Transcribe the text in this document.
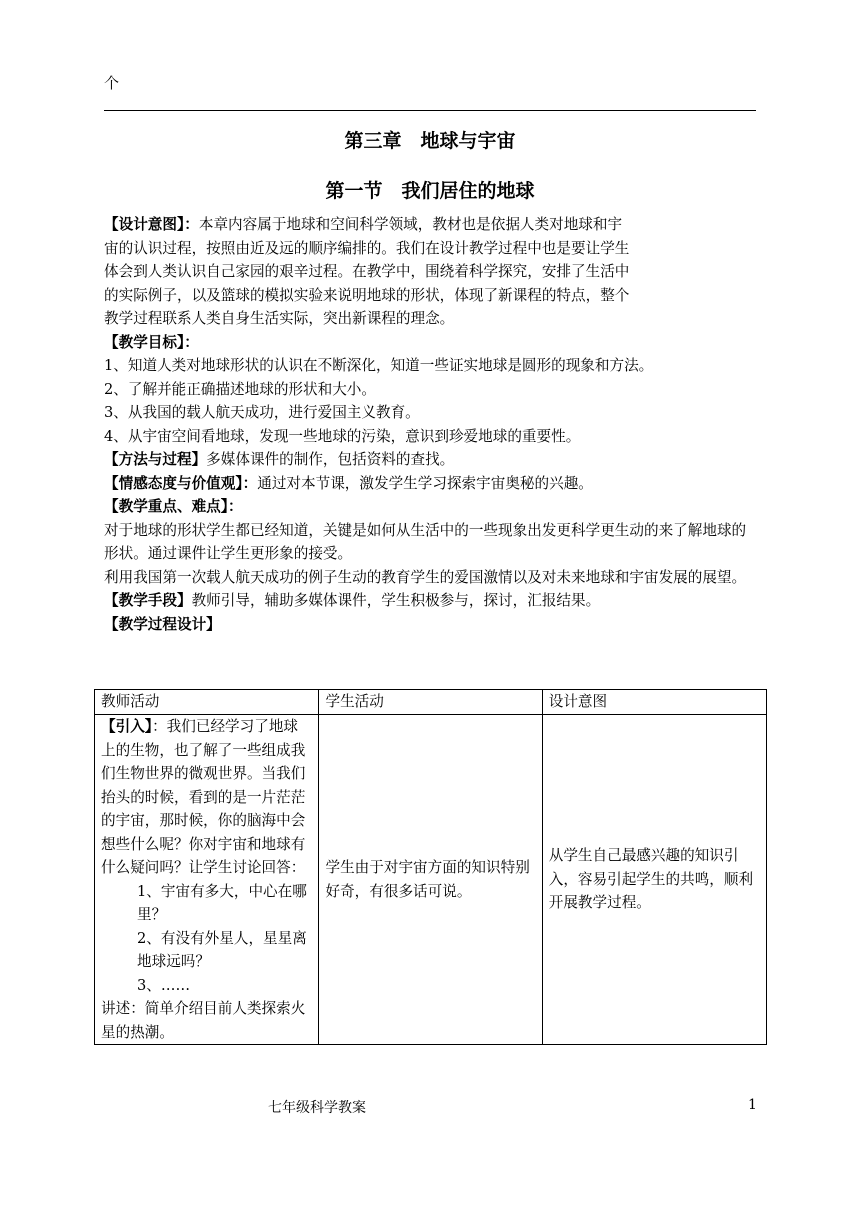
个
第三章　地球与宇宙
第一节　我们居住的地球
【设计意图】：本章内容属于地球和空间科学领域，教材也是依据人类对地球和宇
宙的认识过程，按照由近及远的顺序编排的。我们在设计教学过程中也是要让学生
体会到人类认识自己家园的艰辛过程。在教学中，围绕着科学探究，安排了生活中
的实际例子，以及篮球的模拟实验来说明地球的形状，体现了新课程的特点，整个
教学过程联系人类自身生活实际，突出新课程的理念。
【教学目标】：
1、知道人类对地球形状的认识在不断深化，知道一些证实地球是圆形的现象和方法。
2、了解并能正确描述地球的形状和大小。
3、从我国的载人航天成功，进行爱国主义教育。
4、从宇宙空间看地球，发现一些地球的污染，意识到珍爱地球的重要性。
【方法与过程】多媒体课件的制作，包括资料的查找。
【情感态度与价值观】：通过对本节课，激发学生学习探索宇宙奥秘的兴趣。
【教学重点、难点】：
对于地球的形状学生都已经知道，关键是如何从生活中的一些现象出发更科学更生动的来了解地球的形状。通过课件让学生更形象的接受。
利用我国第一次载人航天成功的例子生动的教育学生的爱国激情以及对未来地球和宇宙发展的展望。
【教学手段】教师引导，辅助多媒体课件，学生积极参与，探讨，汇报结果。
【教学过程设计】
教师活动	学生活动	设计意图

【引入】：我们已经学习了地球上的生物，也了解了一些组成我们生物世界的微观世界。当我们抬头的时候，看到的是一片茫茫的宇宙，那时候，你的脑海中会想些什么呢？你对宇宙和地球有什么疑问吗？让学生讨论回答：
1、宇宙有多大，中心在哪里？
2、有没有外星人，星星离地球远吗？
3、……
讲述：简单介绍目前人类探索火星的热潮。	学生由于对宇宙方面的知识特别好奇，有很多话可说。	从学生自己最感兴趣的知识引入，容易引起学生的共鸣，顺利开展教学过程。
七年级科学教案	1
